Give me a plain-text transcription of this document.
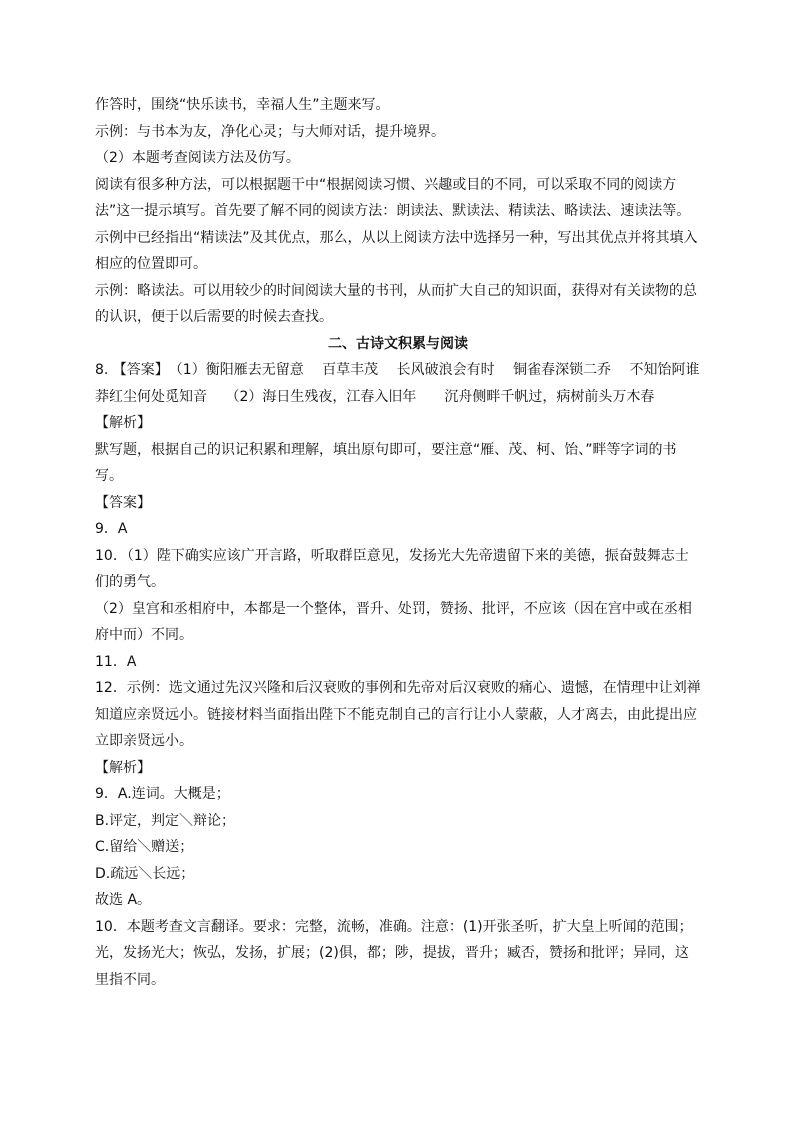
作答时，围绕“快乐读书，幸福人生”主题来写。

示例：与书本为友，净化心灵；与大师对话，提升境界。

（2）本题考查阅读方法及仿写。

阅读有很多种方法，可以根据题干中“根据阅读习惯、兴趣或目的不同，可以采取不同的阅读方法”这一提示填写。首先要了解不同的阅读方法：朗读法、默读法、精读法、略读法、速读法等。示例中已经指出“精读法”及其优点，那么，从以上阅读方法中选择另一种，写出其优点并将其填入相应的位置即可。

示例：略读法。可以用较少的时间阅读大量的书刊，从而扩大自己的知识面，获得对有关读物的总的认识，便于以后需要的时候去查找。

二、古诗文积累与阅读

8. 【答案】　（1）衡阳雁去无留意　 百草丰茂　 长风破浪会有时　 铜雀春深锁二乔　 不知饴阿谁

莽红尘何处觅知音　 （2）海日生残夜，江春入旧年　　沉舟侧畔千帆过，病树前头万木春

【解析】

默写题，根据自己的识记积累和理解，填出原句即可，要注意“雁、茂、柯、饴、”畔等字词的书写。

【答案】

9．A

10．（1）陛下确实应该广开言路，听取群臣意见，发扬光大先帝遗留下来的美德，振奋鼓舞志士们的勇气。

（2）皇宫和丞相府中，本都是一个整体，晋升、处罚，赞扬、批评，不应该（因在宫中或在丞相府中而）不同。

11．A

12．示例：选文通过先汉兴隆和后汉衰败的事例和先帝对后汉衰败的痛心、遗憾，在情理中让刘禅知道应亲贤远小。链接材料当面指出陛下不能克制自己的言行让小人蒙蔽，人才离去，由此提出应立即亲贤远小。

【解析】

9．A.连词。大概是；

B.评定，判定＼辩论；

C.留给＼赠送；

D.疏远＼长远；

故选 A。

10．本题考查文言翻译。要求：完整，流畅，准确。注意：(1)开张圣听，扩大皇上听闻的范围；光，发扬光大；恢弘，发扬，扩展；(2)俱，都；陟，提拔，晋升；臧否，赞扬和批评；异同，这里指不同。
